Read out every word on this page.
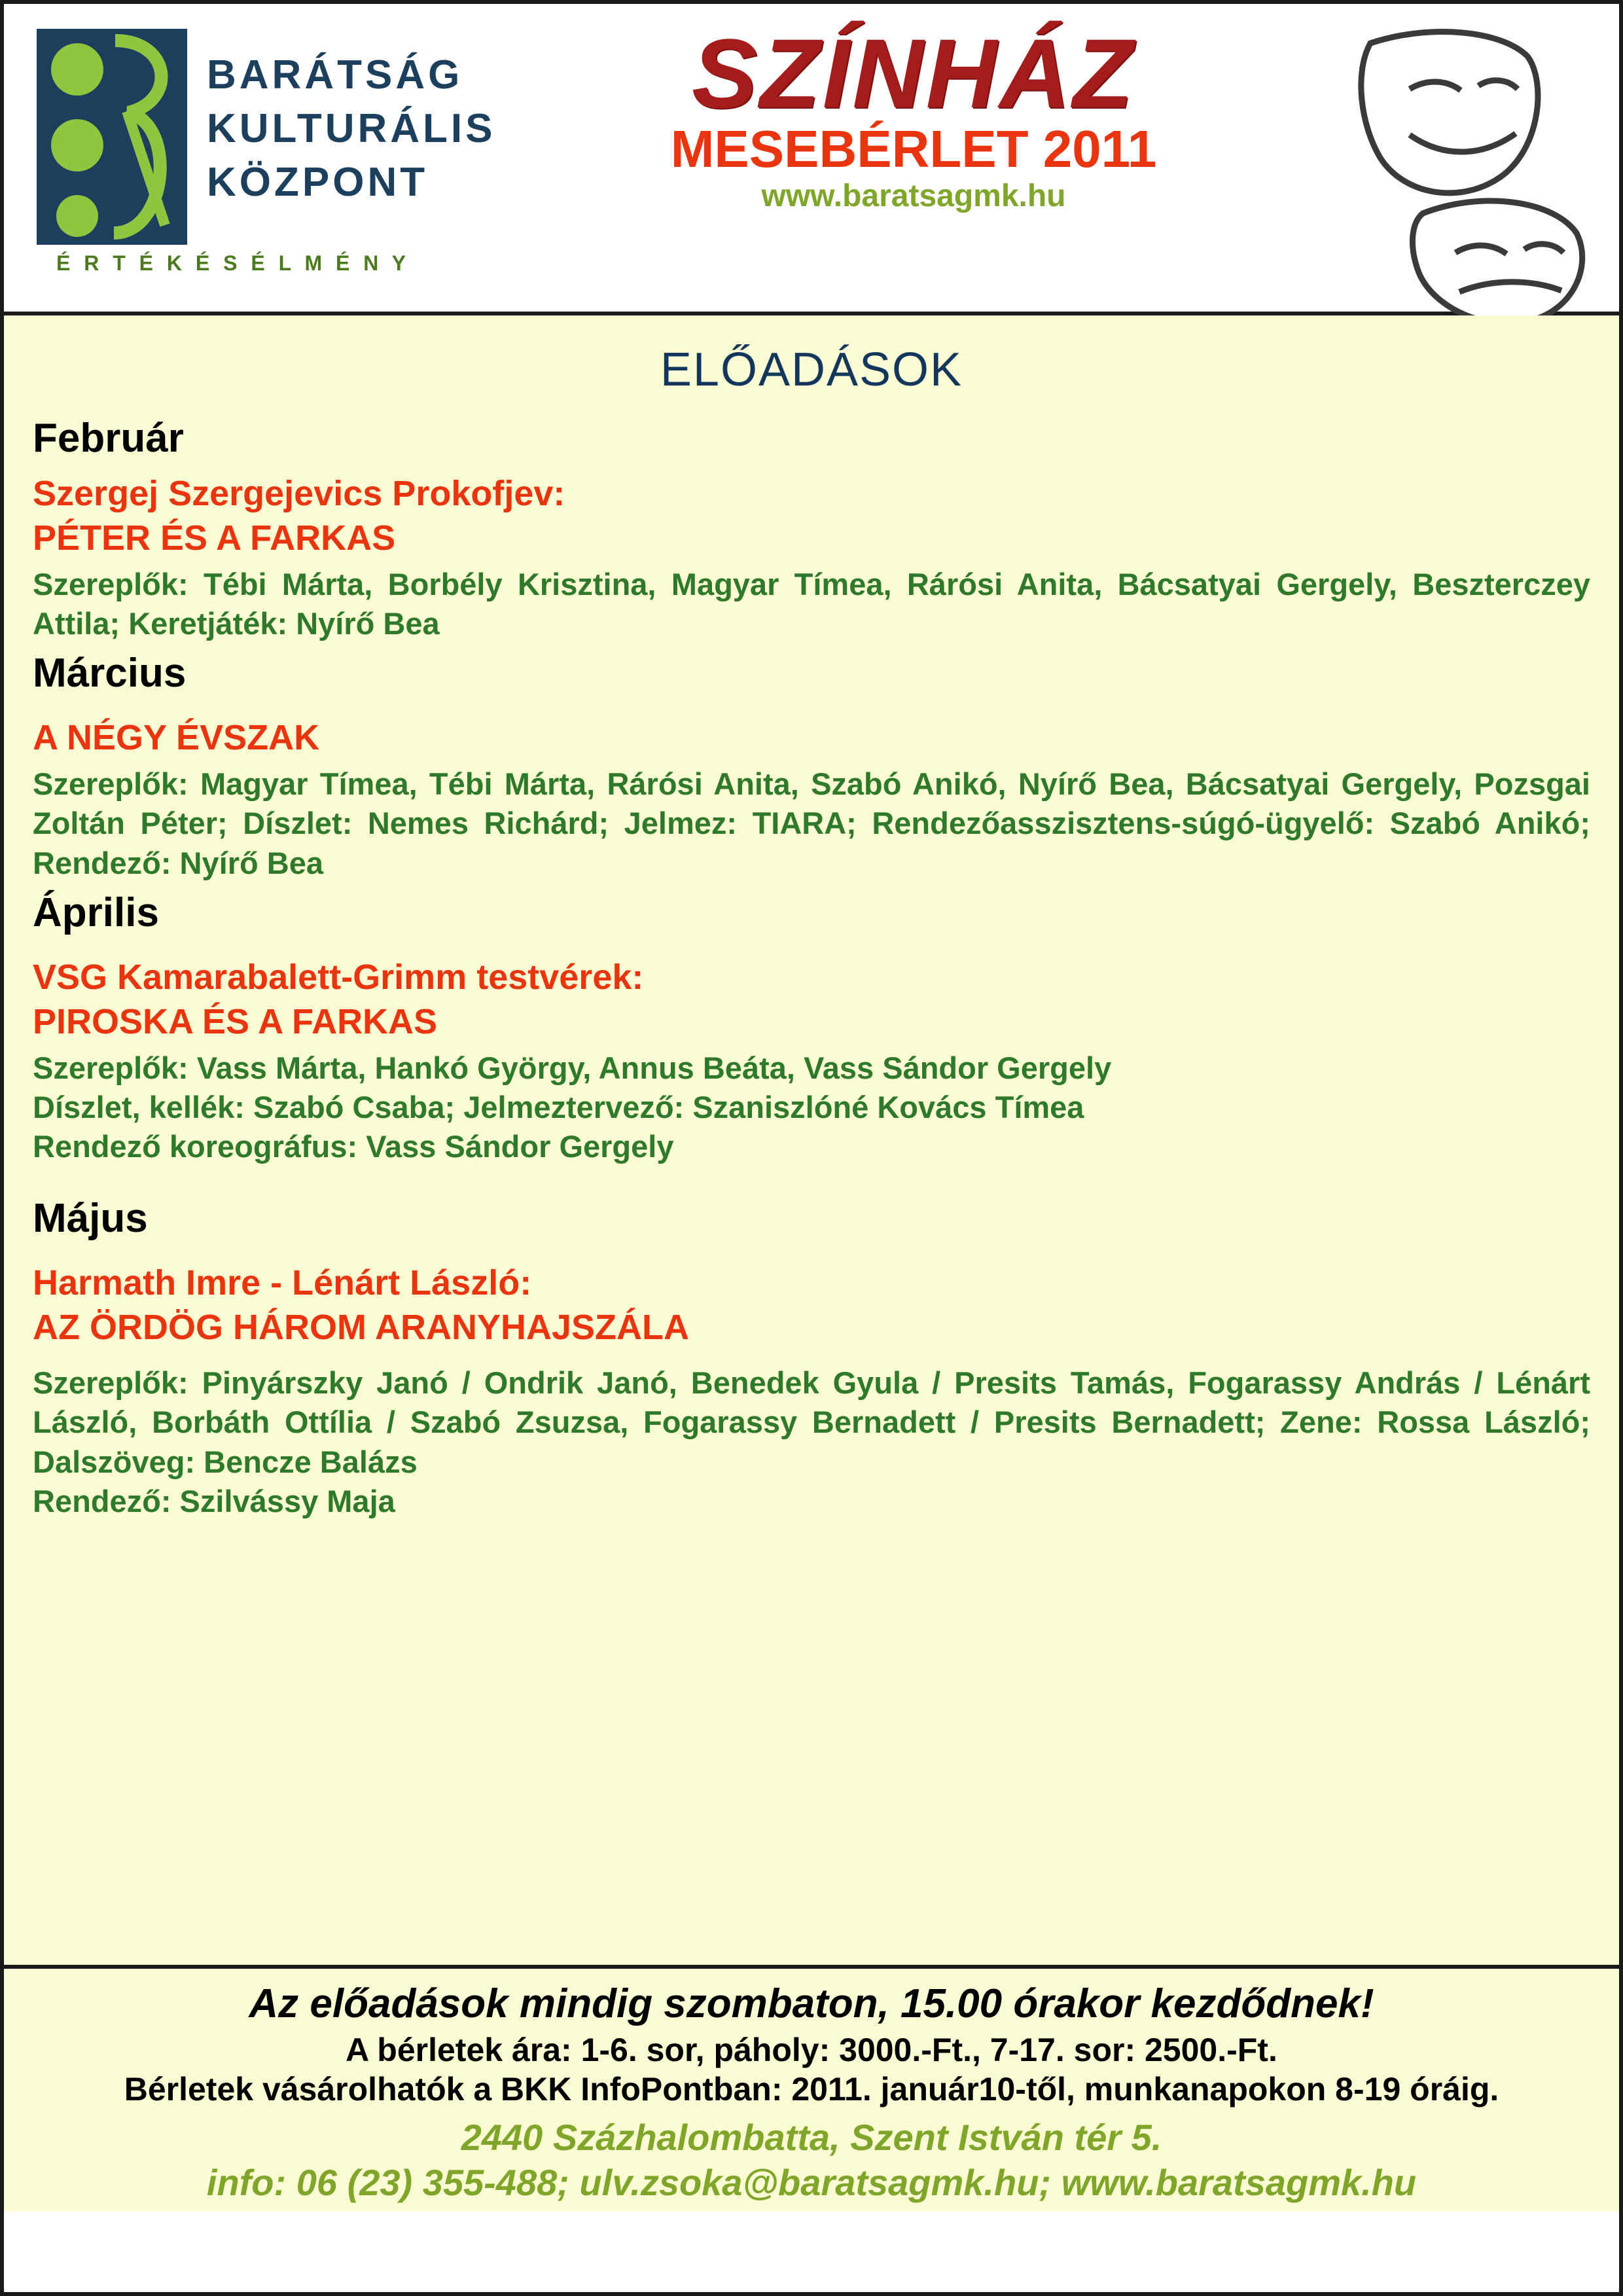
BARÁTSÁG
KULTURÁLIS
KÖZPONT
É R T É K É S É L M É N Y
SZÍNHÁZ
MESEBÉRLET 2011
www.baratsagmk.hu
ELŐADÁSOK
Február
Szergej Szergejevics Prokofjev:
PÉTER ÉS A FARKAS
Szereplők: Tébi Márta, Borbély Krisztina, Magyar Tímea, Rárósi Anita, Bácsatyai Gergely, Beszterczey Attila; Keretjáték: Nyírő Bea
Március
A NÉGY ÉVSZAK
Szereplők: Magyar Tímea, Tébi Márta, Rárósi Anita, Szabó Anikó, Nyírő Bea, Bácsatyai Gergely, Pozsgai Zoltán Péter; Díszlet: Nemes Richárd; Jelmez: TIARA; Rendezőasszisztens-súgó-ügyelő: Szabó Anikó; Rendező: Nyírő Bea
Április
VSG Kamarabalett-Grimm testvérek:
PIROSKA ÉS A FARKAS
Szereplők: Vass Márta, Hankó György, Annus Beáta, Vass Sándor Gergely
Díszlet, kellék: Szabó Csaba; Jelmeztervező: Szaniszlóné Kovács Tímea
Rendező koreográfus: Vass Sándor Gergely
Május
Harmath Imre - Lénárt László:
AZ ÖRDÖG HÁROM ARANYHAJSZÁLA
Szereplők: Pinyárszky Janó / Ondrik Janó, Benedek Gyula / Presits Tamás, Fogarassy András / Lénárt László, Borbáth Ottília / Szabó Zsuzsa, Fogarassy Bernadett / Presits Bernadett; Zene: Rossa László; Dalszöveg: Bencze Balázs
Rendező: Szilvássy Maja
Az előadások mindig szombaton, 15.00 órakor kezdődnek!
A bérletek ára: 1-6. sor, páholy: 3000.-Ft., 7-17. sor: 2500.-Ft.
Bérletek vásárolhatók a BKK InfoPontban: 2011. január10-től, munkanapokon 8-19 óráig.
2440 Százhalombatta, Szent István tér 5.
info: 06 (23) 355-488; ulv.zsoka@baratsagmk.hu; www.baratsagmk.hu
